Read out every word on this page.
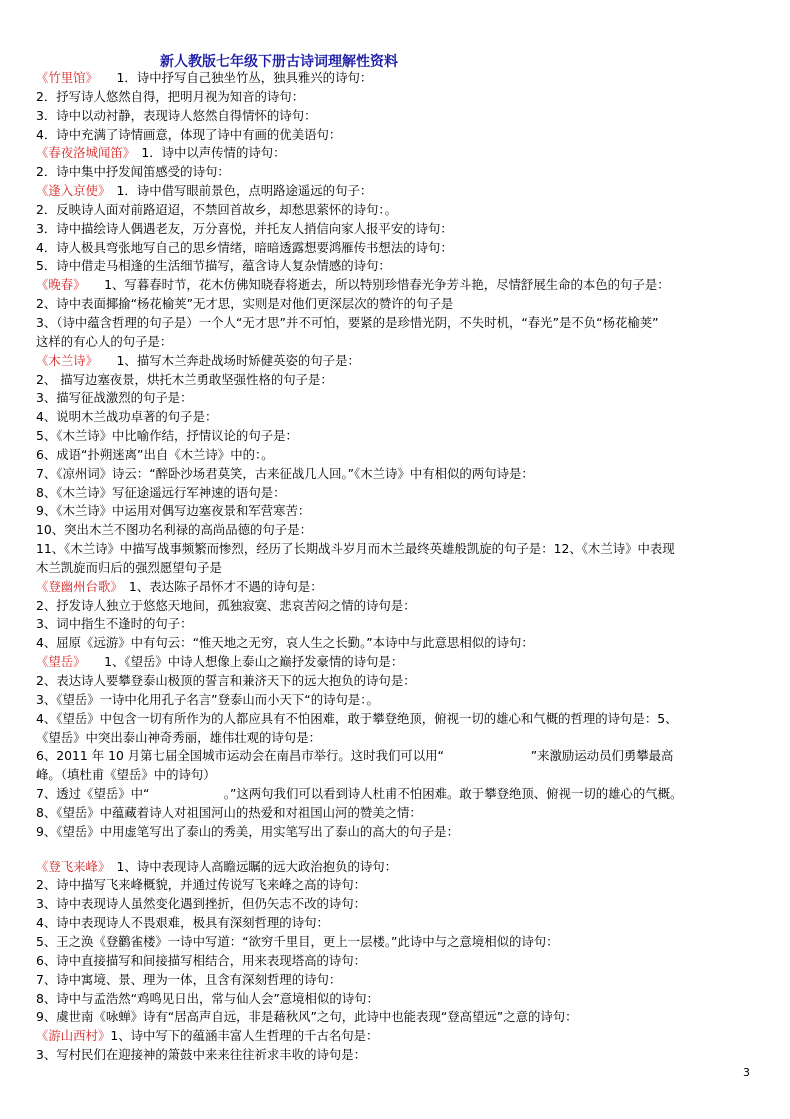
新人教版七年级下册古诗词理解性资料
《竹里馆》　　1．诗中抒写自己独坐竹丛，独具雅兴的诗句：
2．抒写诗人悠然自得，把明月视为知音的诗句：
3．诗中以动衬静，表现诗人悠然自得情怀的诗句：
4．诗中充满了诗情画意，体现了诗中有画的优美语句：
《春夜洛城闻笛》　1．诗中以声传情的诗句：
2．诗中集中抒发闻笛感受的诗句：
《逢入京使》　1．诗中借写眼前景色，点明路途遥远的句子：
2．反映诗人面对前路迢迢，不禁回首故乡，却愁思萦怀的诗句：。
3．诗中描绘诗人偶遇老友，万分喜悦，并托友人捎信向家人报平安的诗句：
4．诗人极具弯张地写自己的思乡情绪，暗暗透露想要鸿雁传书想法的诗句：
5．诗中借走马相逢的生活细节描写，蕴含诗人复杂情感的诗句：
《晚春》　　1、写暮春时节，花木仿佛知晓春将逝去，所以特别珍惜春光争芳斗艳，尽情舒展生命的本色的句子是：
2、诗中表面揶揄“杨花榆荚”无才思，实则是对他们更深层次的赞许的句子是
3、（诗中蕴含哲理的句子是）一个人“无才思”并不可怕，要紧的是珍惜光阴，不失时机，“春光”是不负“杨花榆荚”
这样的有心人的句子是：
《木兰诗》　　1、描写木兰奔赴战场时矫健英姿的句子是：
2、 描写边塞夜景，烘托木兰勇敢坚强性格的句子是：
3、描写征战激烈的句子是：
4、说明木兰战功卓著的句子是：
5、《木兰诗》中比喻作结，抒情议论的句子是：
6、成语“扑朔迷离”出自《木兰诗》中的：。
7、《凉州词》诗云：“醉卧沙场君莫笑，古来征战几人回。”《木兰诗》中有相似的两句诗是：
8、《木兰诗》写征途遥远行军神速的语句是：
9、《木兰诗》中运用对偶写边塞夜景和军营寒苦：
10、突出木兰不图功名利禄的高尚品德的句子是：
11、《木兰诗》中描写战事频繁而惨烈，经历了长期战斗岁月而木兰最终英雄般凯旋的句子是：12、《木兰诗》中表现
木兰凯旋而归后的强烈愿望句子是
《登幽州台歌》　1、表达陈子昂怀才不遇的诗句是：
2、抒发诗人独立于悠悠天地间，孤独寂寞、悲哀苦闷之情的诗句是：
3、词中指生不逢时的句子：
4、屈原《远游》中有句云：“惟天地之无穷，哀人生之长勤。”本诗中与此意思相似的诗句：
《望岳》　　1、《望岳》中诗人想像上泰山之巅抒发豪情的诗句是：
2、表达诗人要攀登泰山极顶的誓言和兼济天下的远大抱负的诗句是：
3、《望岳》一诗中化用孔子名言”登泰山而小天下“的诗句是：。
4、《望岳》中包含一切有所作为的人都应具有不怕困难，敢于攀登绝顶，俯视一切的雄心和气概的哲理的诗句是：5、
《望岳》中突出泰山神奇秀丽，雄伟壮观的诗句是：
6、2011 年 10 月第七届全国城市运动会在南昌市举行。这时我们可以用“　　　　　　　”来激励运动员们勇攀最高
峰。（填杜甫《望岳》中的诗句）
7、透过《望岳》中“　　　　　　。”这两句我们可以看到诗人杜甫不怕困难。敢于攀登绝顶、俯视一切的雄心的气概。
8、《望岳》中蕴藏着诗人对祖国河山的热爱和对祖国山河的赞美之情：
9、《望岳》中用虚笔写出了泰山的秀美，用实笔写出了泰山的高大的句子是：
《登飞来峰》　1、诗中表现诗人高瞻远瞩的远大政治抱负的诗句：
2、诗中描写飞来峰概貌，并通过传说写飞来峰之高的诗句：
3、诗中表现诗人虽然变化遇到挫折，但仍矢志不改的诗句：
4、诗中表现诗人不畏艰难，极具有深刻哲理的诗句：
5、王之涣《登鹳雀楼》一诗中写道：“欲穷千里目，更上一层楼。”此诗中与之意境相似的诗句：
6、诗中直接描写和间接描写相结合，用来表现塔高的诗句：
7、诗中寓境、景、理为一体，且含有深刻哲理的诗句：
8、诗中与孟浩然“鸡鸣见日出，常与仙人会”意境相似的诗句：
9、虞世南《咏蝉》诗有“居高声自远，非是藉秋风”之句，此诗中也能表现“登高望远”之意的诗句：
《游山西村》1、诗中写下的蕴涵丰富人生哲理的千古名句是：
3、写村民们在迎接神的箫鼓中来来往往祈求丰收的诗句是：
3
